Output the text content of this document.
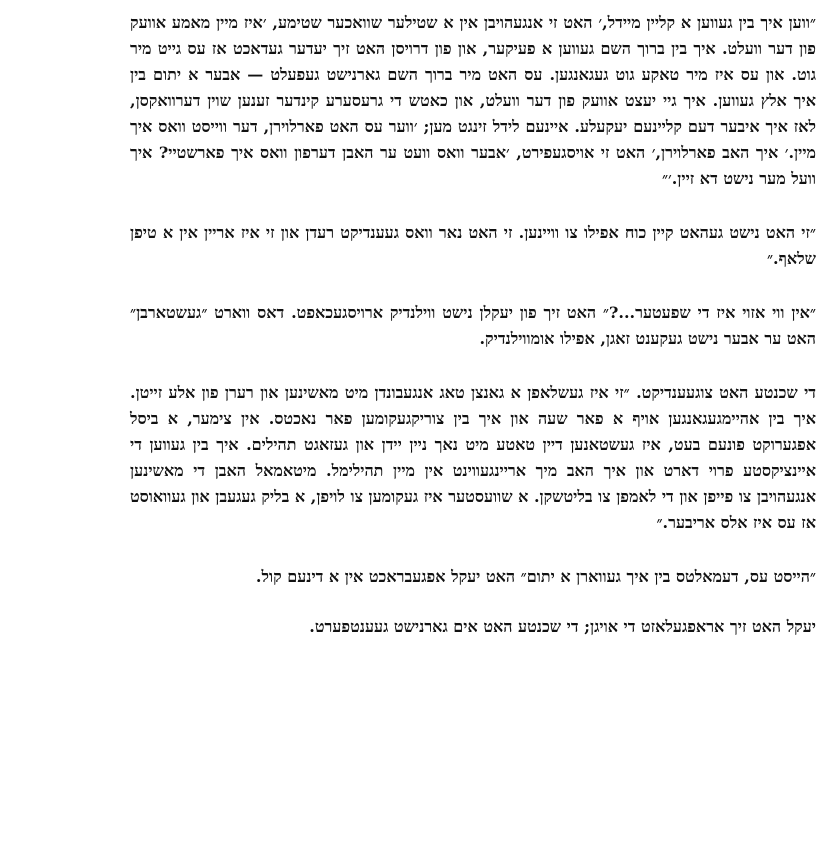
״ווען איך בין געווען א קליין מיידל,׳ האט זי אנגעהויבן אין א שטילער שוואכער שטימע, ׳איז מיין מאמע אוועק פון דער וועלט. איך בין ברוך השם געווען א פעיקער, און פון דרויסן האט זיך יעדער געדאכט אז עס גייט מיר גוט. און עס איז מיר טאקע גוט געגאנגען. עס האט מיר ברוך השם גארנישט געפעלט — אבער א יתום בין איך אלץ געווען. איך גיי יעצט אוועק פון דער וועלט, און כאטש די גרעסערע קינדער זענען שוין דערוואקסן, לאז איך איבער דעם קליינעם יעקעלע. איינעם לידל זינגט מען; ׳ווער עס האט פארלוירן, דער ווייסט וואס איך מיין.׳ איך האב פארלוירן,׳ האט זי אויסגעפירט, ׳אבער וואס וועט ער האבן דערפון וואס איך פארשטיי? איך וועל מער נישט דא זיין.׳״

״זי האט נישט געהאט קיין כוח אפילו צו וויינען. זי האט נאר וואס געענדיקט רעדן און זי איז אריין אין א טיפן שלאף.״

״אין ווי אזוי איז די שפעטער...?״ האט זיך פון יעקלן נישט ווילנדיק ארויסגעכאפט. דאס ווארט ״געשטארבן״ האט ער אבער נישט געקענט זאגן, אפילו אומווילנדיק.

די שכנטע האט צוגעענדיקט. ״זי איז געשלאפן א גאנצן טאג אנגעבונדן מיט מאשינען און רערן פון אלע זייטן. איך בין אהיימגעגאנגען אויף א פאר שעה און איך בין צוריקגעקומען פאר נאכטס. אין צימער, א ביסל אפגערוקט פונעם בעט, איז געשטאנען דיין טאטע מיט נאך ניין יידן און געזאגט תהילים. איך בין געווען די איינציקסטע פרוי דארט און איך האב מיך אריינגעווינט אין מיין תהילימל. מיטאמאל האבן די מאשינען אנגעהויבן צו פייפן און די לאמפן צו בליטשקן. א שוועסטער איז געקומען צו לויפן, א בליק געגעבן און געוואוסט אז עס איז אלס אריבער.״

״הייסט עס, דעמאלטס בין איך געווארן א יתום״ האט יעקל אפגעבראכט אין א דינעם קול.

יעקל האט זיך אראפגעלאזט די אויגן; די שכנטע האט אים גארנישט געענטפערט.
